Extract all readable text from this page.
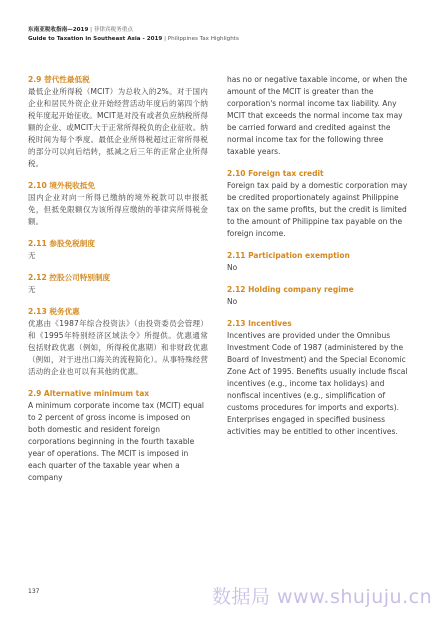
东南亚税收指南—2019 | 菲律宾税务重点
Guide to Taxation in Southeast Asia - 2019 | Philippines Tax Highlights
2.9 替代性最低税

最低企业所得税（MCIT）为总收入的2%。对于国内企业和居民外资企业开始经营活动年度后的第四个纳税年度起开始征收。MCIT是对没有或者负应纳税所得额的企业、或MCIT大于正常所得税负的企业征收。纳税时间为每个季度。最低企业所得税超过正常所得税的部分可以向后结转，抵减之后三年的正常企业所得税。

2.10 境外税收抵免

国内企业对向一所得已缴纳的境外税款可以申报抵免，但抵免限额仅为该所得应缴纳的菲律宾所得税金额。

2.11 参股免税制度

无

2.12 控股公司特别制度

无

2.13 税务优惠

优惠由《1987年综合投资法》（由投资委员会管理）和《1995年特别经济区域法令》所提供。优惠通常包括财政优惠（例如，所得税优惠期）和非财政优惠（例如，对于进出口海关的流程简化）。从事特殊经营活动的企业也可以有其他的优惠。

2.9 Alternative minimum tax

A minimum corporate income tax (MCIT) equal to 2 percent of gross income is imposed on both domestic and resident foreign corporations beginning in the fourth taxable year of operations. The MCIT is imposed in each quarter of the taxable year when a company

has no or negative taxable income, or when the amount of the MCIT is greater than the corporation's normal income tax liability. Any MCIT that exceeds the normal income tax may be carried forward and credited against the normal income tax for the following three taxable years.

2.10 Foreign tax credit

Foreign tax paid by a domestic corporation may be credited proportionately against Philippine tax on the same profits, but the credit is limited to the amount of Philippine tax payable on the foreign income.

2.11 Participation exemption

No

2.12 Holding company regime

No

2.13 Incentives

Incentives are provided under the Omnibus Investment Code of 1987 (administered by the Board of Investment) and the Special Economic Zone Act of 1995. Benefits usually include fiscal incentives (e.g., income tax holidays) and nonfiscal incentives (e.g., simplification of customs procedures for imports and exports). Enterprises engaged in specified business activities may be entitled to other incentives.

137	数据局 www.shujuju.cn
